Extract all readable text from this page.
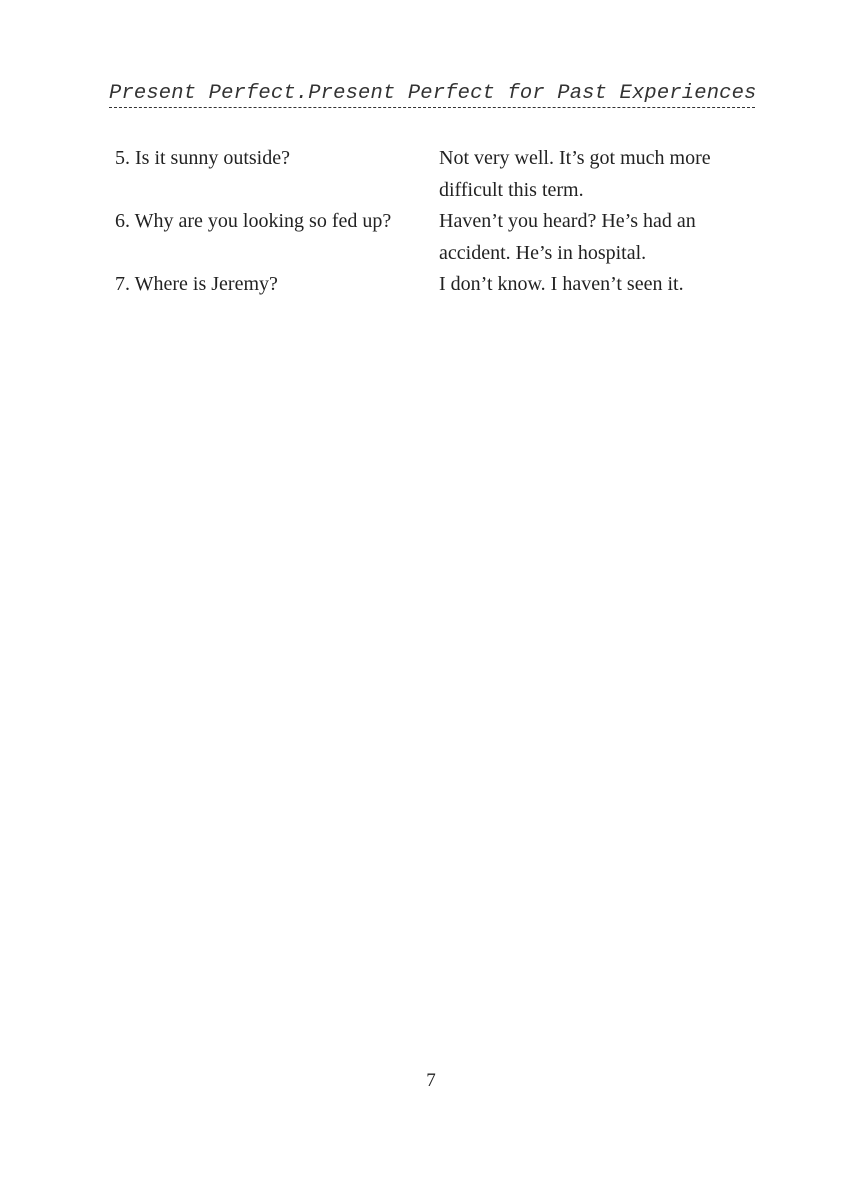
Present Perfect.Present Perfect for Past Experiences
5. Is it sunny outside?	Not very well. It’s got much more difficult this term.
6. Why are you looking so fed up?	Haven’t you heard? He’s had an accident. He’s in hospital.
7. Where is Jeremy?	I don’t know. I haven’t seen it.
7
